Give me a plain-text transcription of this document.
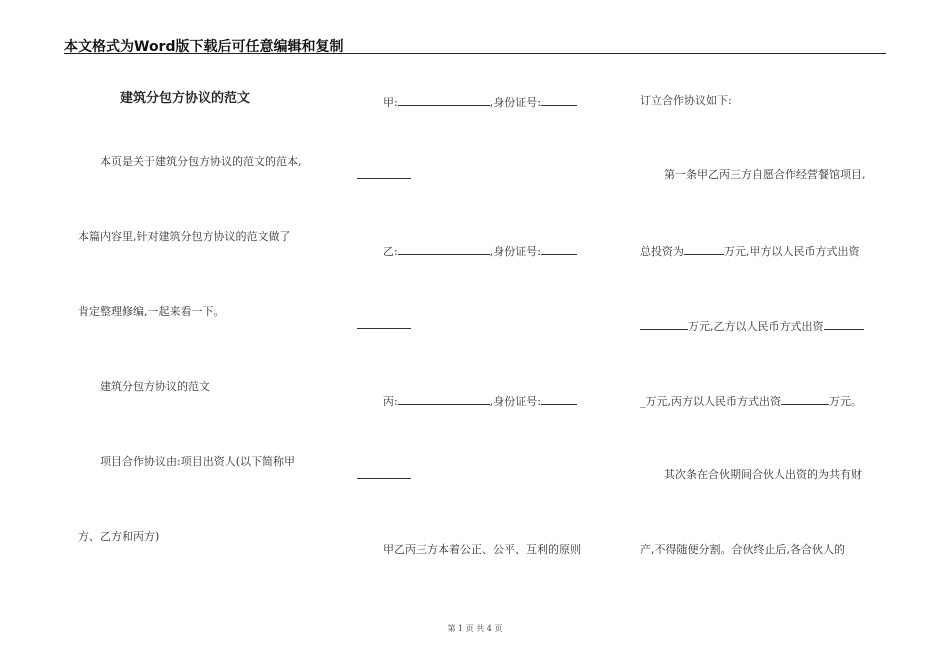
本文格式为Word版下载后可任意编辑和复制
建筑分包方协议的范文
本页是关于建筑分包方协议的范文的范本,
本篇内容里,针对建筑分包方协议的范文做了
肯定整理修编,一起来看一下。
建筑分包方协议的范文
项目合作协议由:项目出资人(以下简称甲
方、乙方和丙方)
甲:	,身份证号:
乙:	,身份证号:
丙:	,身份证号:
甲乙丙三方本着公正、公平、互利的原则
订立合作协议如下:
第一条甲乙丙三方自愿合作经营餐馆项目,
总投资为	万元,甲方以人民币方式出资
万元,乙方以人民币方式出资
_万元,丙方以人民币方式出资	万元。
其次条在合伙期间合伙人出资的为共有财
产,不得随便分割。合伙终止后,各合伙人的
第 1 页 共 4 页
